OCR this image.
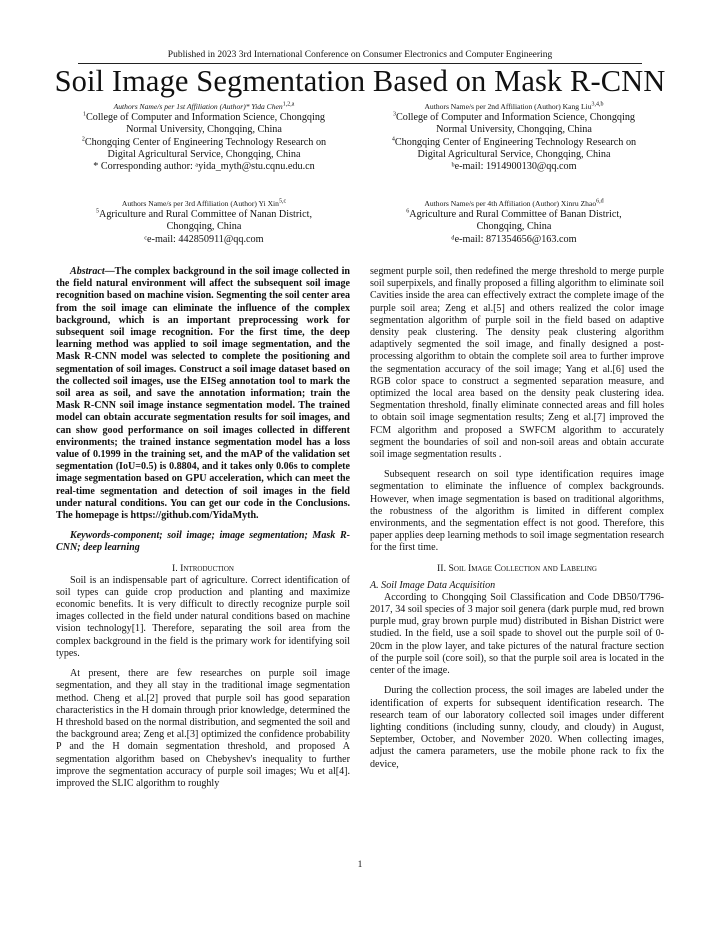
Published in 2023 3rd International Conference on Consumer Electronics and Computer Engineering
Soil Image Segmentation Based on Mask R-CNN

Authors Name/s per 1st Affiliation (Author)* Yida Chen$^{1,2,a}$

$^1$College of Computer and Information Science, Chongqing

Normal University, Chongqing, China

$^2$Chongqing Center of Engineering Technology Research on

Digital Agricultural Service, Chongqing, China

* Corresponding author: ᵃyida_myth@stu.cqnu.edu.cn

Authors Name/s per 2nd Affiliation (Author) Kang Liu$^{3,4,b}$

$^3$College of Computer and Information Science, Chongqing

Normal University, Chongqing, China

$^4$Chongqing Center of Engineering Technology Research on

Digital Agricultural Service, Chongqing, China

ᵇe-mail: 1914900130@qq.com

Authors Name/s per 3rd Affiliation (Author) Yi Xin$^{5,c}$

$^5$Agriculture and Rural Committee of Nanan District,

Chongqing, China

ᶜe-mail: 442850911@qq.com

Authors Name/s per 4th Affiliation (Author) Xinru Zhao$^{6,d}$

$^6$Agriculture and Rural Committee of Banan District,

Chongqing, China

ᵈe-mail: 871354656@163.com

Abstract—The complex background in the soil image collected in the field natural environment will affect the subsequent soil image recognition based on machine vision. Segmenting the soil center area from the soil image can eliminate the influence of the complex background, which is an important preprocessing work for subsequent soil image recognition. For the first time, the deep learning method was applied to soil image segmentation, and the Mask R-CNN model was selected to complete the positioning and segmentation of soil images. Construct a soil image dataset based on the collected soil images, use the EISeg annotation tool to mark the soil area as soil, and save the annotation information; train the Mask R-CNN soil image instance segmentation model. The trained model can obtain accurate segmentation results for soil images, and can show good performance on soil images collected in different environments; the trained instance segmentation model has a loss value of 0.1999 in the training set, and the mAP of the validation set segmentation (IoU=0.5) is 0.8804, and it takes only 0.06s to complete image segmentation based on GPU acceleration, which can meet the real-time segmentation and detection of soil images in the field under natural conditions. You can get our code in the Conclusions. The homepage is https://github.com/YidaMyth.

Keywords-component; soil image; image segmentation; Mask R-CNN; deep learning

I. Introduction

Soil is an indispensable part of agriculture. Correct identification of soil types can guide crop production and planting and maximize economic benefits. It is very difficult to directly recognize purple soil images collected in the field under natural conditions based on machine vision technology[1]. Therefore, separating the soil area from the complex background in the field is the primary work for identifying soil types.

At present, there are few researches on purple soil image segmentation, and they all stay in the traditional image segmentation method. Cheng et al.[2] proved that purple soil has good separation characteristics in the H domain through prior knowledge, determined the H threshold based on the normal distribution, and segmented the soil and the background area; Zeng et al.[3] optimized the confidence probability P and the H domain segmentation threshold, and proposed A segmentation algorithm based on Chebyshev's inequality to further improve the segmentation accuracy of purple soil images; Wu et al[4]. improved the SLIC algorithm to roughly

segment purple soil, then redefined the merge threshold to merge purple soil superpixels, and finally proposed a filling algorithm to eliminate soil Cavities inside the area can effectively extract the complete image of the purple soil area; Zeng et al.[5] and others realized the color image segmentation algorithm of purple soil in the field based on adaptive density peak clustering. The density peak clustering algorithm adaptively segmented the soil image, and finally designed a post-processing algorithm to obtain the complete soil area to further improve the segmentation accuracy of the soil image; Yang et al.[6] used the RGB color space to construct a segmented separation measure, and optimized the local area based on the density peak clustering idea. Segmentation threshold, finally eliminate connected areas and fill holes to obtain soil image segmentation results; Zeng et al.[7] improved the FCM algorithm and proposed a SWFCM algorithm to accurately segment the boundaries of soil and non-soil areas and obtain accurate soil image segmentation results .

Subsequent research on soil type identification requires image segmentation to eliminate the influence of complex backgrounds. However, when image segmentation is based on traditional algorithms, the robustness of the algorithm is limited in different complex environments, and the segmentation effect is not good. Therefore, this paper applies deep learning methods to soil image segmentation research for the first time.

II. Soil Image Collection and Labeling

A. Soil Image Data Acquisition

According to Chongqing Soil Classification and Code DB50/T796-2017, 34 soil species of 3 major soil genera (dark purple mud, red brown purple mud, gray brown purple mud) distributed in Bishan District were studied. In the field, use a soil spade to shovel out the purple soil of 0-20cm in the plow layer, and take pictures of the natural fracture section of the purple soil (core soil), so that the purple soil area is located in the center of the image.

During the collection process, the soil images are labeled under the identification of experts for subsequent identification research. The research team of our laboratory collected soil images under different lighting conditions (including sunny, cloudy, and cloudy) in August, September, October, and November 2020. When collecting images, adjust the camera parameters, use the mobile phone rack to fix the device,

1
